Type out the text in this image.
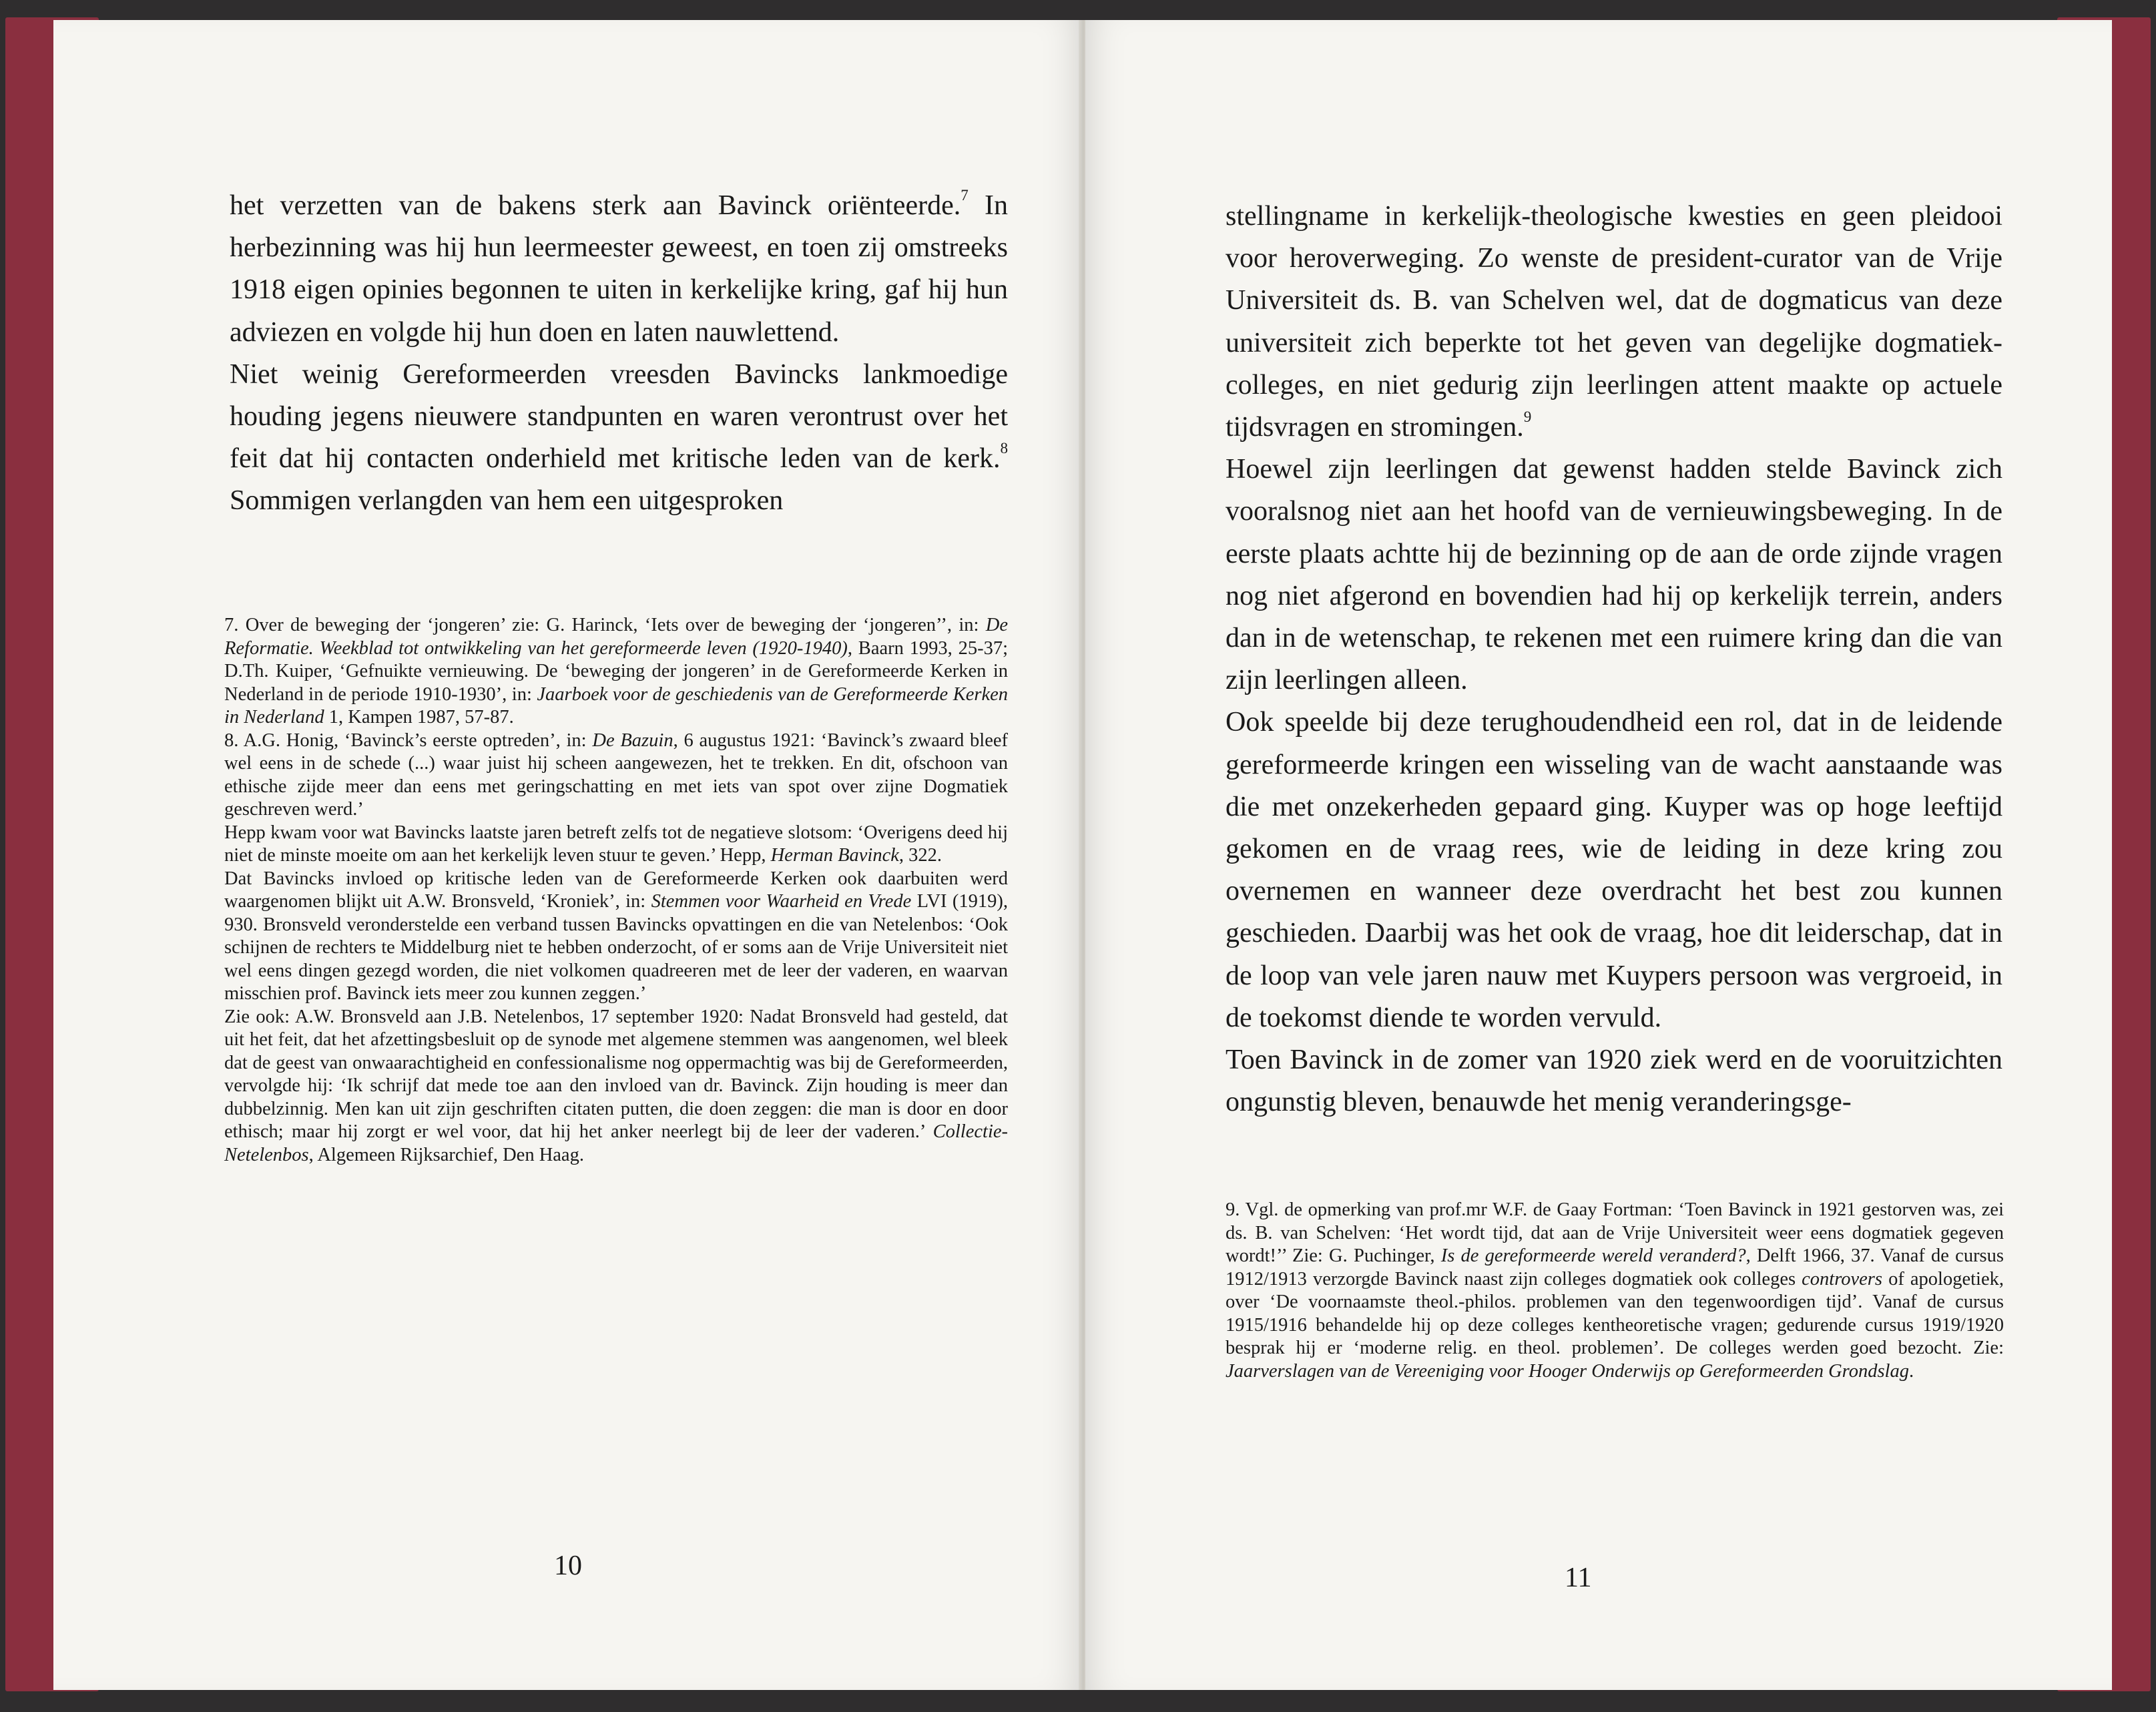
het verzetten van de bakens sterk aan Bavinck oriënteerde.$^7$ In herbezinning was hij hun leermeester geweest, en toen zij omstreeks 1918 eigen opinies begonnen te uiten in kerkelijke kring, gaf hij hun adviezen en volgde hij hun doen en laten nauwlettend.

Niet weinig Gereformeerden vreesden Bavincks lankmoedige houding jegens nieuwere standpunten en waren verontrust over het feit dat hij contacten onderhield met kritische leden van de kerk.$^8$ Sommigen verlangden van hem een uitgesproken

7. Over de beweging der ‘jongeren’ zie: G. Harinck, ‘Iets over de beweging der ‘jongeren’’, in: De Reformatie. Weekblad tot ontwikkeling van het gereformeerde leven (1920-1940), Baarn 1993, 25-37; D.Th. Kuiper, ‘Gefnuikte vernieuwing. De ‘beweging der jongeren’ in de Gereformeerde Kerken in Nederland in de periode 1910-1930’, in: Jaarboek voor de geschiedenis van de Gereformeerde Kerken in Nederland 1, Kampen 1987, 57-87.

8. A.G. Honig, ‘Bavinck’s eerste optreden’, in: De Bazuin, 6 augustus 1921: ‘Bavinck’s zwaard bleef wel eens in de schede (...) waar juist hij scheen aangewezen, het te trekken. En dit, ofschoon van ethische zijde meer dan eens met geringschatting en met iets van spot over zijne Dogmatiek geschreven werd.’

Hepp kwam voor wat Bavincks laatste jaren betreft zelfs tot de negatieve slotsom: ‘Overigens deed hij niet de minste moeite om aan het kerkelijk leven stuur te geven.’ Hepp, Herman Bavinck, 322.

Dat Bavincks invloed op kritische leden van de Gereformeerde Kerken ook daarbuiten werd waargenomen blijkt uit A.W. Bronsveld, ‘Kroniek’, in: Stemmen voor Waarheid en Vrede LVI (1919), 930. Bronsveld veronderstelde een verband tussen Bavincks opvattingen en die van Netelenbos: ‘Ook schijnen de rechters te Middelburg niet te hebben onderzocht, of er soms aan de Vrije Universiteit niet wel eens dingen gezegd worden, die niet volkomen quadreeren met de leer der vaderen, en waarvan misschien prof. Bavinck iets meer zou kunnen zeggen.’

Zie ook: A.W. Bronsveld aan J.B. Netelenbos, 17 september 1920: Nadat Bronsveld had gesteld, dat uit het feit, dat het afzettingsbesluit op de synode met algemene stemmen was aangenomen, wel bleek dat de geest van onwaarachtigheid en confessionalisme nog oppermachtig was bij de Gereformeerden, vervolgde hij: ‘Ik schrijf dat mede toe aan den invloed van dr. Bavinck. Zijn houding is meer dan dubbelzinnig. Men kan uit zijn geschriften citaten putten, die doen zeggen: die man is door en door ethisch; maar hij zorgt er wel voor, dat hij het anker neerlegt bij de leer der vaderen.’ Collectie-Netelenbos, Algemeen Rijksarchief, Den Haag.

10

stellingname in kerkelijk-theologische kwesties en geen pleidooi voor heroverweging. Zo wenste de president-curator van de Vrije Universiteit ds. B. van Schelven wel, dat de dogmaticus van deze universiteit zich beperkte tot het geven van degelijke dogmatiek-colleges, en niet gedurig zijn leerlingen attent maakte op actuele tijdsvragen en stromingen.$^9$

Hoewel zijn leerlingen dat gewenst hadden stelde Bavinck zich vooralsnog niet aan het hoofd van de vernieuwingsbeweging. In de eerste plaats achtte hij de bezinning op de aan de orde zijnde vragen nog niet afgerond en bovendien had hij op kerkelijk terrein, anders dan in de wetenschap, te rekenen met een ruimere kring dan die van zijn leerlingen alleen.

Ook speelde bij deze terughoudendheid een rol, dat in de leidende gereformeerde kringen een wisseling van de wacht aanstaande was die met onzekerheden gepaard ging. Kuyper was op hoge leeftijd gekomen en de vraag rees, wie de leiding in deze kring zou overnemen en wanneer deze overdracht het best zou kunnen geschieden. Daarbij was het ook de vraag, hoe dit leiderschap, dat in de loop van vele jaren nauw met Kuypers persoon was vergroeid, in de toekomst diende te worden vervuld.

Toen Bavinck in de zomer van 1920 ziek werd en de vooruitzichten ongunstig bleven, benauwde het menig veranderingsge-

9. Vgl. de opmerking van prof.mr W.F. de Gaay Fortman: ‘Toen Bavinck in 1921 gestorven was, zei ds. B. van Schelven: ‘Het wordt tijd, dat aan de Vrije Universiteit weer eens dogmatiek gegeven wordt!’’ Zie: G. Puchinger, Is de gereformeerde wereld veranderd?, Delft 1966, 37. Vanaf de cursus 1912/1913 verzorgde Bavinck naast zijn colleges dogmatiek ook colleges controvers of apologetiek, over ‘De voornaamste theol.-philos. problemen van den tegenwoordigen tijd’. Vanaf de cursus 1915/1916 behandelde hij op deze colleges kentheoretische vragen; gedurende cursus 1919/1920 besprak hij er ‘moderne relig. en theol. problemen’. De colleges werden goed bezocht. Zie: Jaarverslagen van de Vereeniging voor Hooger Onderwijs op Gereformeerden Grondslag.

11
